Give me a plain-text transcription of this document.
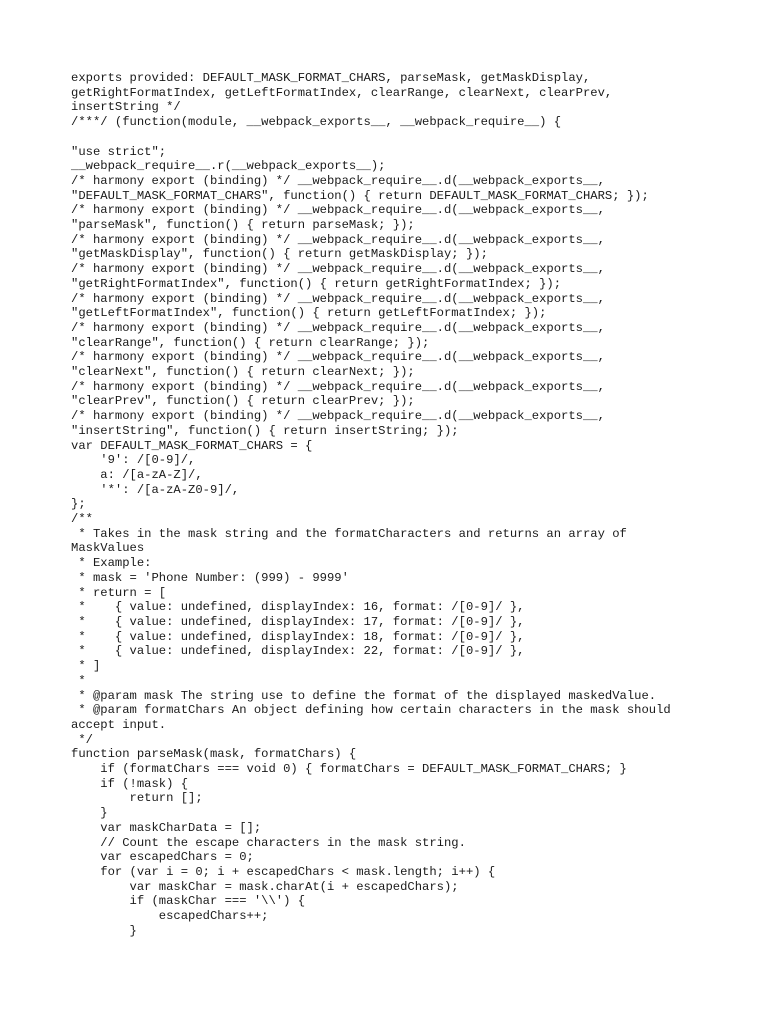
exports provided: DEFAULT_MASK_FORMAT_CHARS, parseMask, getMaskDisplay,
getRightFormatIndex, getLeftFormatIndex, clearRange, clearNext, clearPrev,
insertString */
/***/ (function(module, __webpack_exports__, __webpack_require__) {
"use strict";
__webpack_require__.r(__webpack_exports__);
/* harmony export (binding) */ __webpack_require__.d(__webpack_exports__,
"DEFAULT_MASK_FORMAT_CHARS", function() { return DEFAULT_MASK_FORMAT_CHARS; });
/* harmony export (binding) */ __webpack_require__.d(__webpack_exports__,
"parseMask", function() { return parseMask; });
/* harmony export (binding) */ __webpack_require__.d(__webpack_exports__,
"getMaskDisplay", function() { return getMaskDisplay; });
/* harmony export (binding) */ __webpack_require__.d(__webpack_exports__,
"getRightFormatIndex", function() { return getRightFormatIndex; });
/* harmony export (binding) */ __webpack_require__.d(__webpack_exports__,
"getLeftFormatIndex", function() { return getLeftFormatIndex; });
/* harmony export (binding) */ __webpack_require__.d(__webpack_exports__,
"clearRange", function() { return clearRange; });
/* harmony export (binding) */ __webpack_require__.d(__webpack_exports__,
"clearNext", function() { return clearNext; });
/* harmony export (binding) */ __webpack_require__.d(__webpack_exports__,
"clearPrev", function() { return clearPrev; });
/* harmony export (binding) */ __webpack_require__.d(__webpack_exports__,
"insertString", function() { return insertString; });
var DEFAULT_MASK_FORMAT_CHARS = {
'9': /[0-9]/,
a: /[a-zA-Z]/,
'*': /[a-zA-Z0-9]/,
};
/**
* Takes in the mask string and the formatCharacters and returns an array of
MaskValues
* Example:
* mask = 'Phone Number: (999) - 9999'
* return = [
*    { value: undefined, displayIndex: 16, format: /[0-9]/ },
*    { value: undefined, displayIndex: 17, format: /[0-9]/ },
*    { value: undefined, displayIndex: 18, format: /[0-9]/ },
*    { value: undefined, displayIndex: 22, format: /[0-9]/ },
* ]
*
* @param mask The string use to define the format of the displayed maskedValue.
* @param formatChars An object defining how certain characters in the mask should
accept input.
*/
function parseMask(mask, formatChars) {
if (formatChars === void 0) { formatChars = DEFAULT_MASK_FORMAT_CHARS; }
if (!mask) {
return [];
}
var maskCharData = [];
// Count the escape characters in the mask string.
var escapedChars = 0;
for (var i = 0; i + escapedChars < mask.length; i++) {
var maskChar = mask.charAt(i + escapedChars);
if (maskChar === '\\') {
escapedChars++;
}
